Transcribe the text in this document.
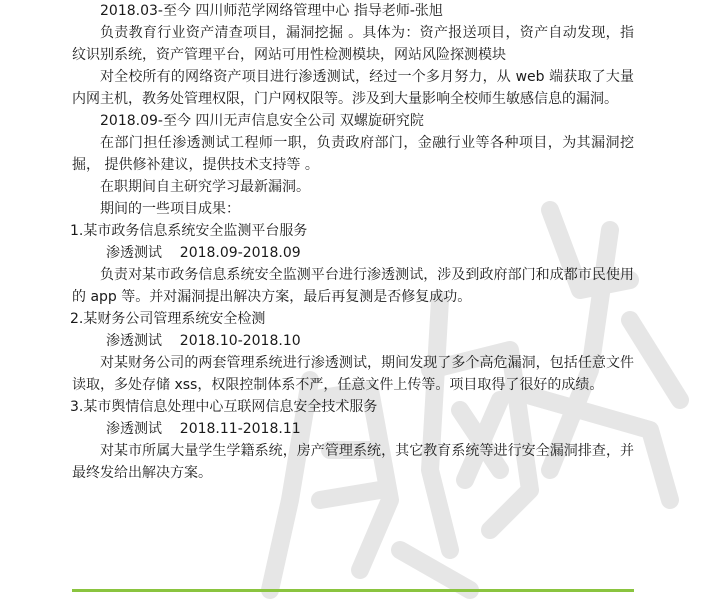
2018.03-至今 四川师范学网络管理中心 指导老师-张旭

负责教育行业资产清查项目，漏洞挖掘 。具体为：资产报送项目，资产自动发现，指纹识别系统，资产管理平台，网站可用性检测模块，网站风险探测模块

对全校所有的网络资产项目进行渗透测试，经过一个多月努力，从 web 端获取了大量内网主机，教务处管理权限，门户网权限等。涉及到大量影响全校师生敏感信息的漏洞。

2018.09-至今 四川无声信息安全公司 双螺旋研究院

在部门担任渗透测试工程师一职，负责政府部门，金融行业等各种项目，为其漏洞挖掘， 提供修补建议，提供技术支持等 。

在职期间自主研究学习最新漏洞。

期间的一些项目成果：

1.某市政务信息系统安全监测平台服务

渗透测试    2018.09-2018.09

负责对某市政务信息系统安全监测平台进行渗透测试，涉及到政府部门和成都市民使用的 app 等。并对漏洞提出解决方案，最后再复测是否修复成功。

2.某财务公司管理系统安全检测

渗透测试    2018.10-2018.10

对某财务公司的两套管理系统进行渗透测试，期间发现了多个高危漏洞，包括任意文件读取，多处存储 xss，权限控制体系不严，任意文件上传等。项目取得了很好的成绩。

3.某市舆情信息处理中心互联网信息安全技术服务

渗透测试    2018.11-2018.11

对某市所属大量学生学籍系统，房产管理系统，其它教育系统等进行安全漏洞排查，并最终发给出解决方案。
